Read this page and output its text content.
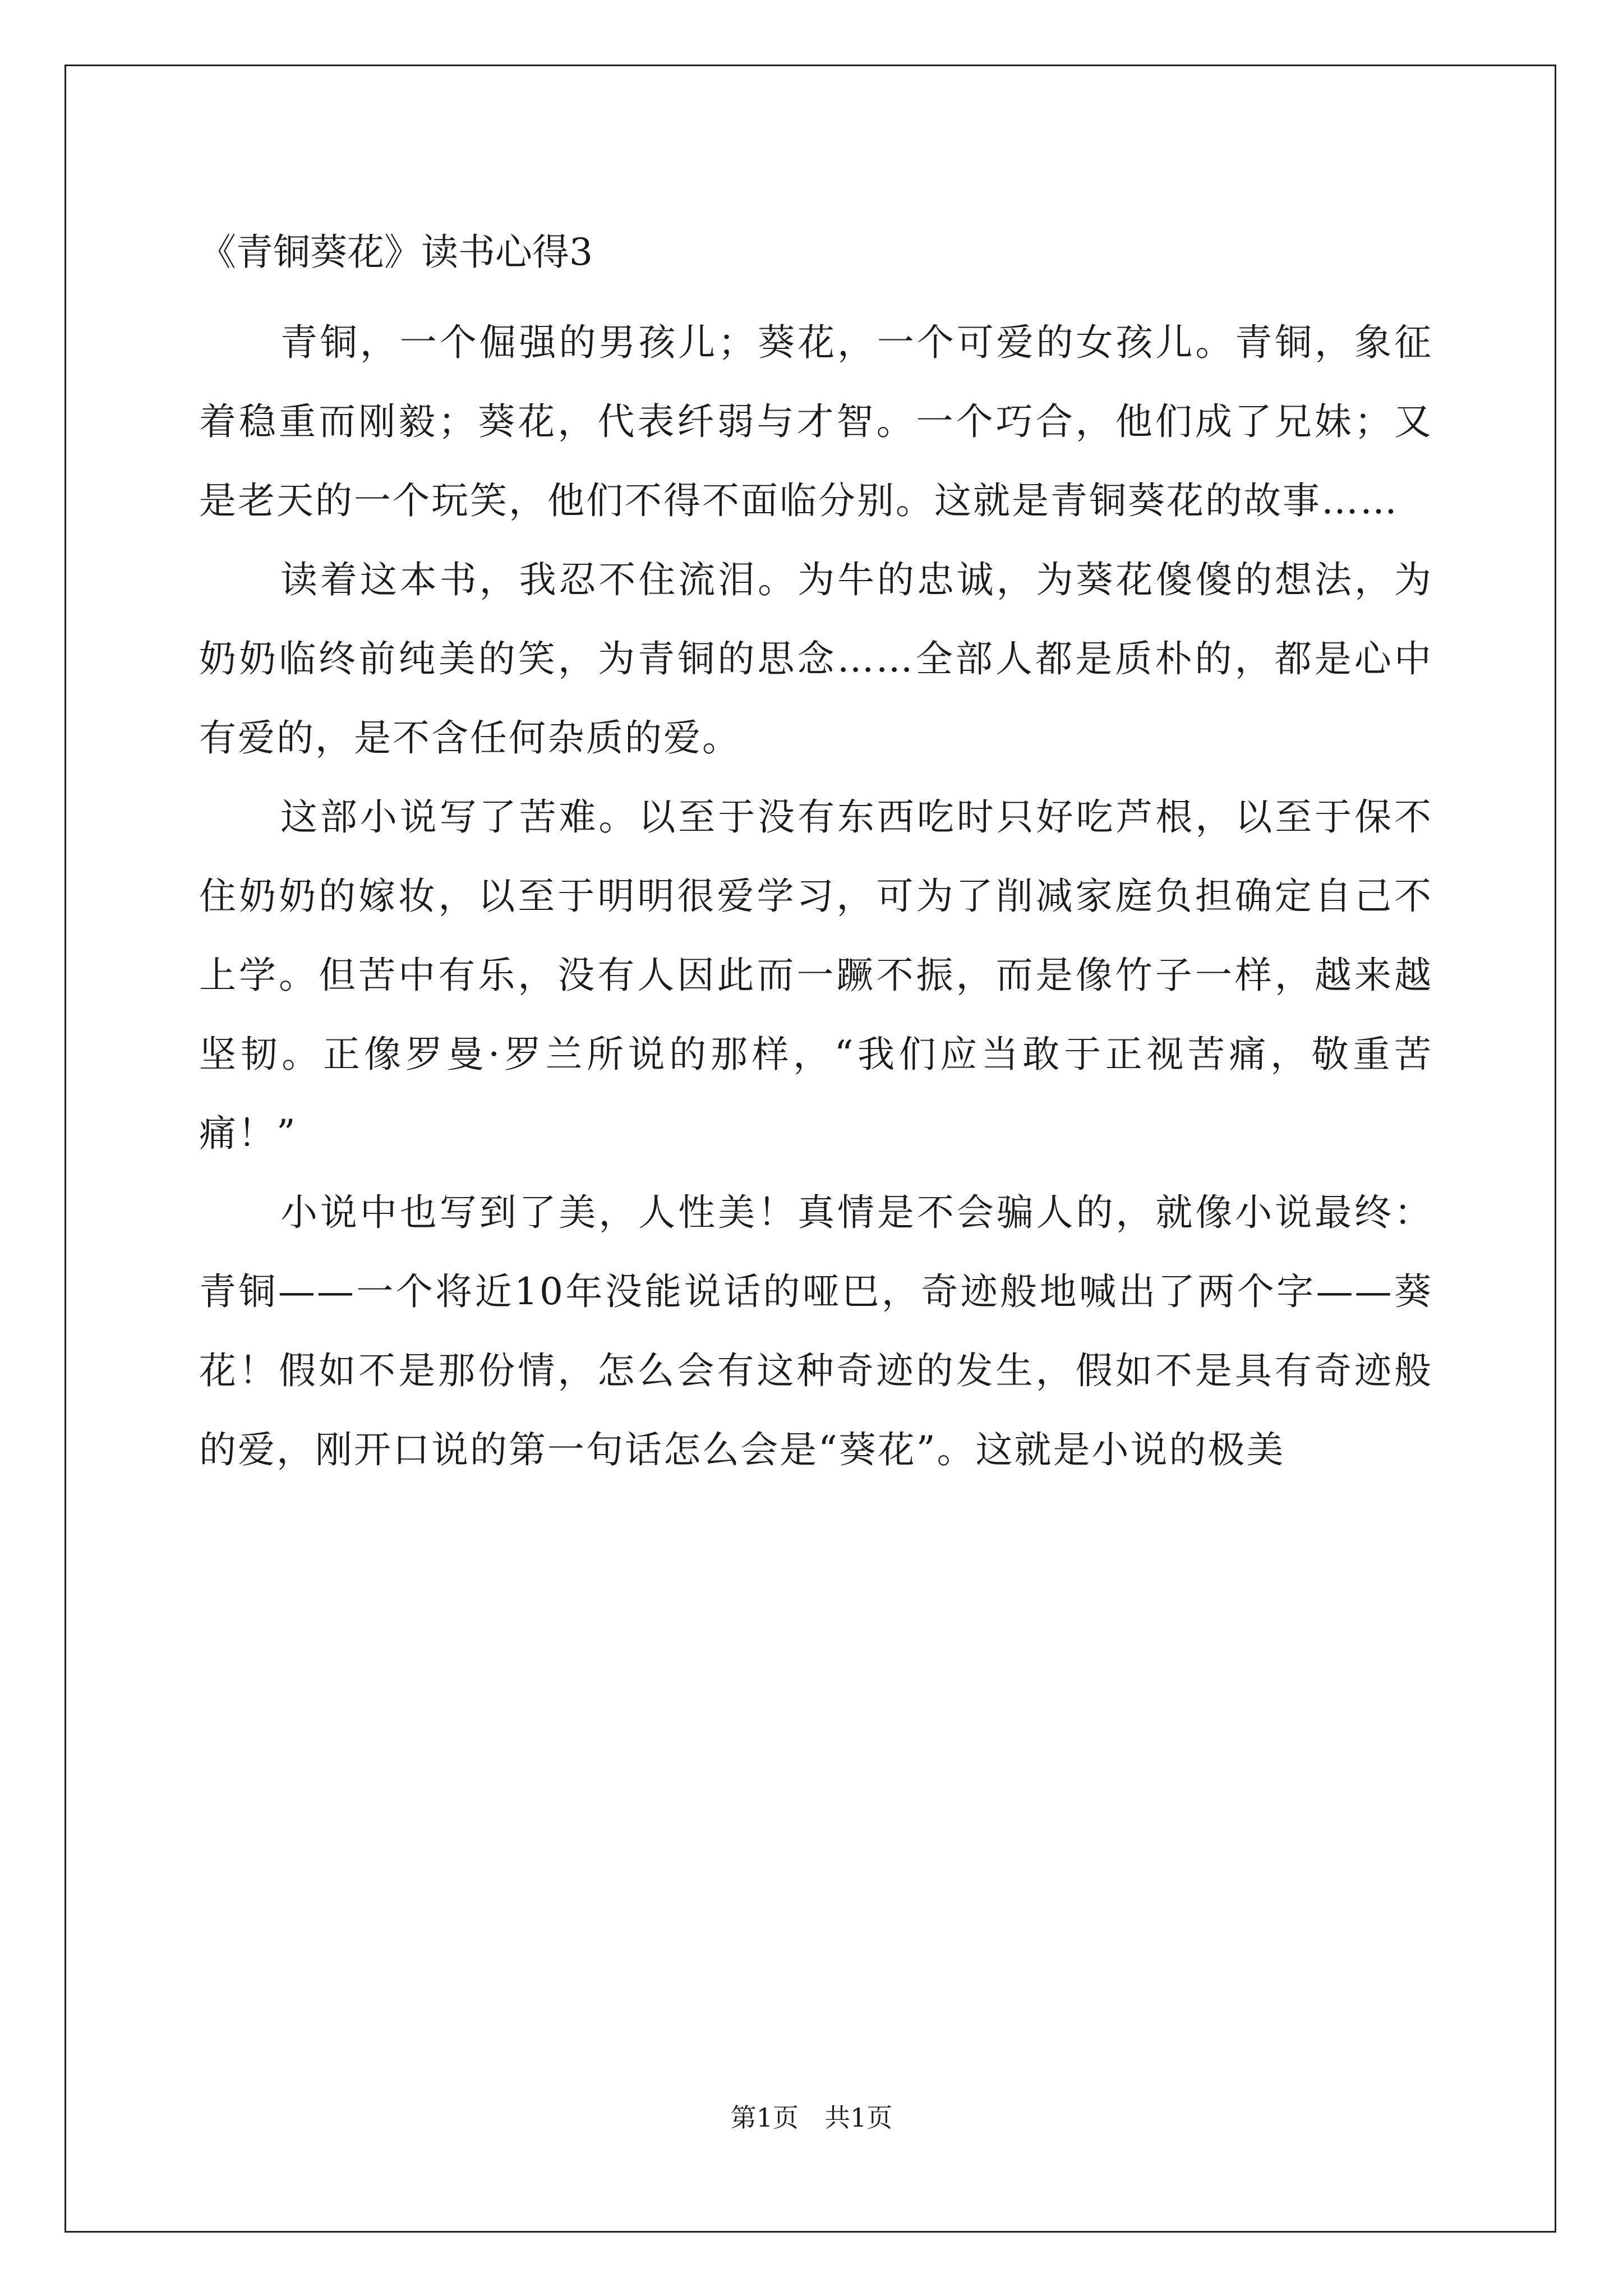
《青铜葵花》读书心得3

青铜，一个倔强的男孩儿；葵花，一个可爱的女孩儿。青铜，象征着稳重而刚毅；葵花，代表纤弱与才智。一个巧合，他们成了兄妹；又是老天的一个玩笑，他们不得不面临分别。这就是青铜葵花的故事……

读着这本书，我忍不住流泪。为牛的忠诚，为葵花傻傻的想法，为奶奶临终前纯美的笑，为青铜的思念……全部人都是质朴的，都是心中有爱的，是不含任何杂质的爱。

这部小说写了苦难。以至于没有东西吃时只好吃芦根，以至于保不住奶奶的嫁妆，以至于明明很爱学习，可为了削减家庭负担确定自己不上学。但苦中有乐，没有人因此而一蹶不振，而是像竹子一样，越来越坚韧。正像罗曼·罗兰所说的那样，“我们应当敢于正视苦痛，敬重苦痛！”

小说中也写到了美，人性美！真情是不会骗人的，就像小说最终：青铜——一个将近10年没能说话的哑巴，奇迹般地喊出了两个字——葵花！假如不是那份情，怎么会有这种奇迹的发生，假如不是具有奇迹般的爱，刚开口说的第一句话怎么会是“葵花”。这就是小说的极美

第1页　共1页
